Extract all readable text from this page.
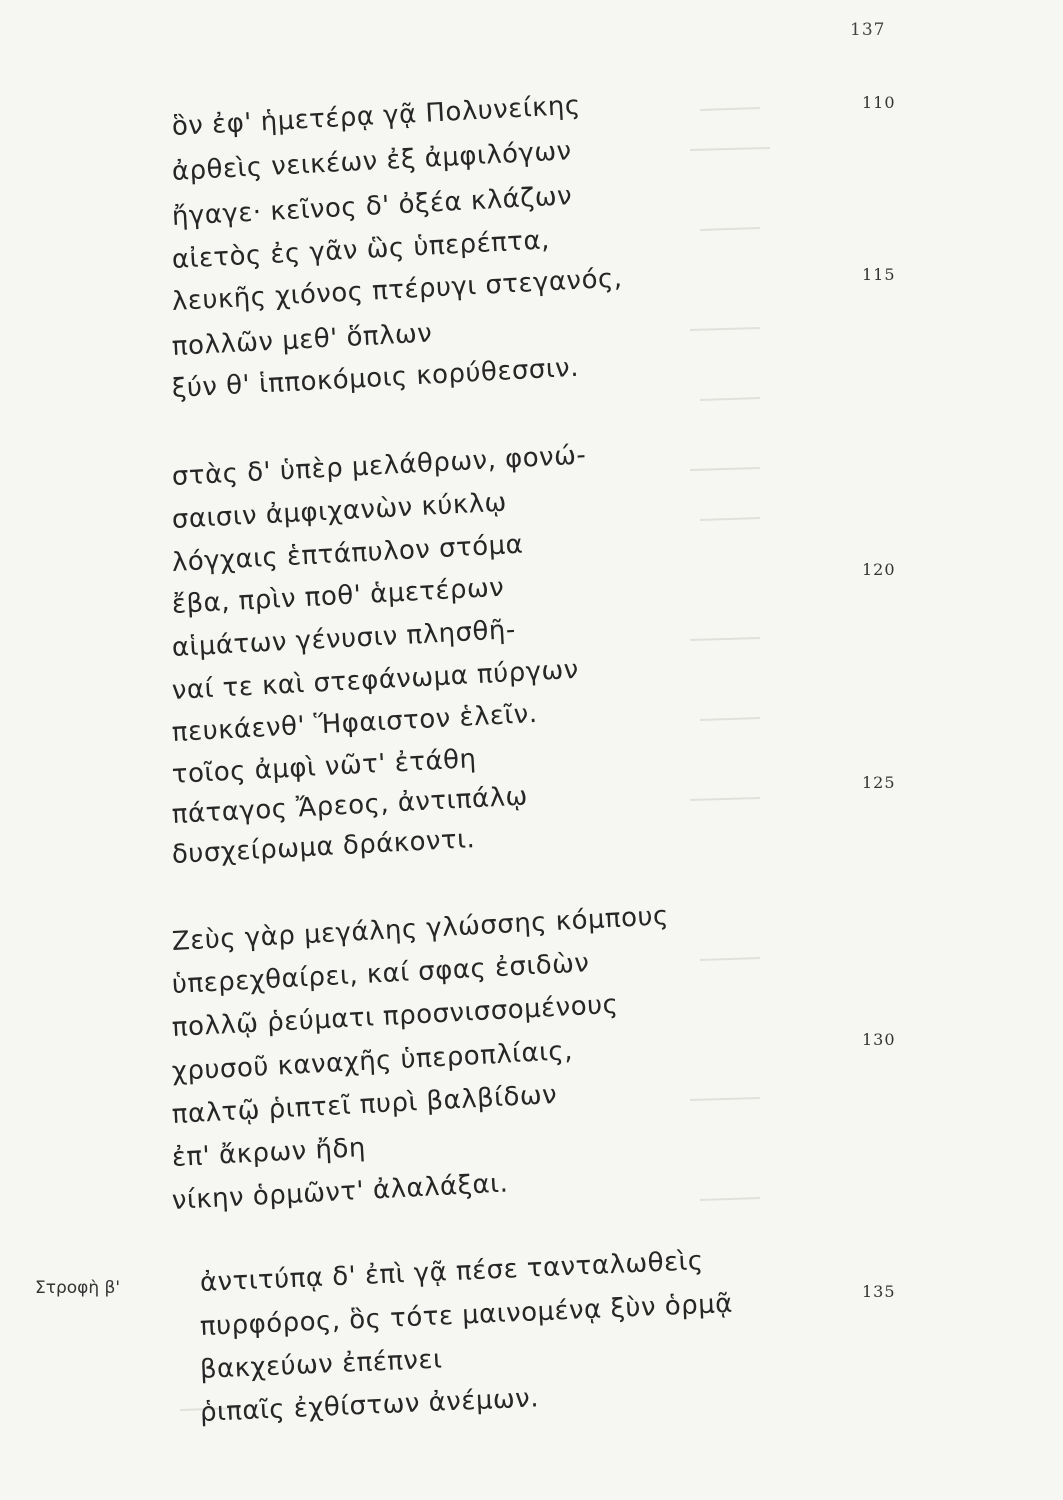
137
110
115
120
125
130
135
Στροφὴ β'
ὃν ἐφ' ἡμετέρᾳ γᾷ Πολυνείκης
ἀρθεὶς νεικέων ἐξ ἀμφιλόγων
ἤγαγε· κεῖνος δ' ὀξέα κλάζων
αἰετὸς ἐς γᾶν ὣς ὑπερέπτα,
λευκῆς χιόνος πτέρυγι στεγανός,
πολλῶν μεθ' ὅπλων
ξύν θ' ἱπποκόμοις κορύθεσσιν.
στὰς δ' ὑπὲρ μελάθρων, φονώ-
σαισιν ἀμφιχανὼν κύκλῳ
λόγχαις ἑπτάπυλον στόμα
ἔβα, πρὶν ποθ' ἁμετέρων
αἱμάτων γένυσιν πλησθῆ-
ναί τε καὶ στεφάνωμα πύργων
πευκάενθ' Ἥφαιστον ἑλεῖν.
τοῖος ἀμφὶ νῶτ' ἐτάθη
πάταγος Ἄρεος, ἀντιπάλῳ
δυσχείρωμα δράκοντι.
Ζεὺς γὰρ μεγάλης γλώσσης κόμπους
ὑπερεχθαίρει, καί σφας ἐσιδὼν
πολλῷ ῥεύματι προσνισσομένους
χρυσοῦ καναχῆς ὑπεροπλίαις,
παλτῷ ῥιπτεῖ πυρὶ βαλβίδων
ἐπ' ἄκρων ἤδη
νίκην ὁρμῶντ' ἀλαλάξαι.
ἀντιτύπᾳ δ' ἐπὶ γᾷ πέσε τανταλωθεὶς
πυρφόρος, ὃς τότε μαινομένᾳ ξὺν ὁρμᾷ
βακχεύων ἐπέπνει
ῥιπαῖς ἐχθίστων ἀνέμων.
